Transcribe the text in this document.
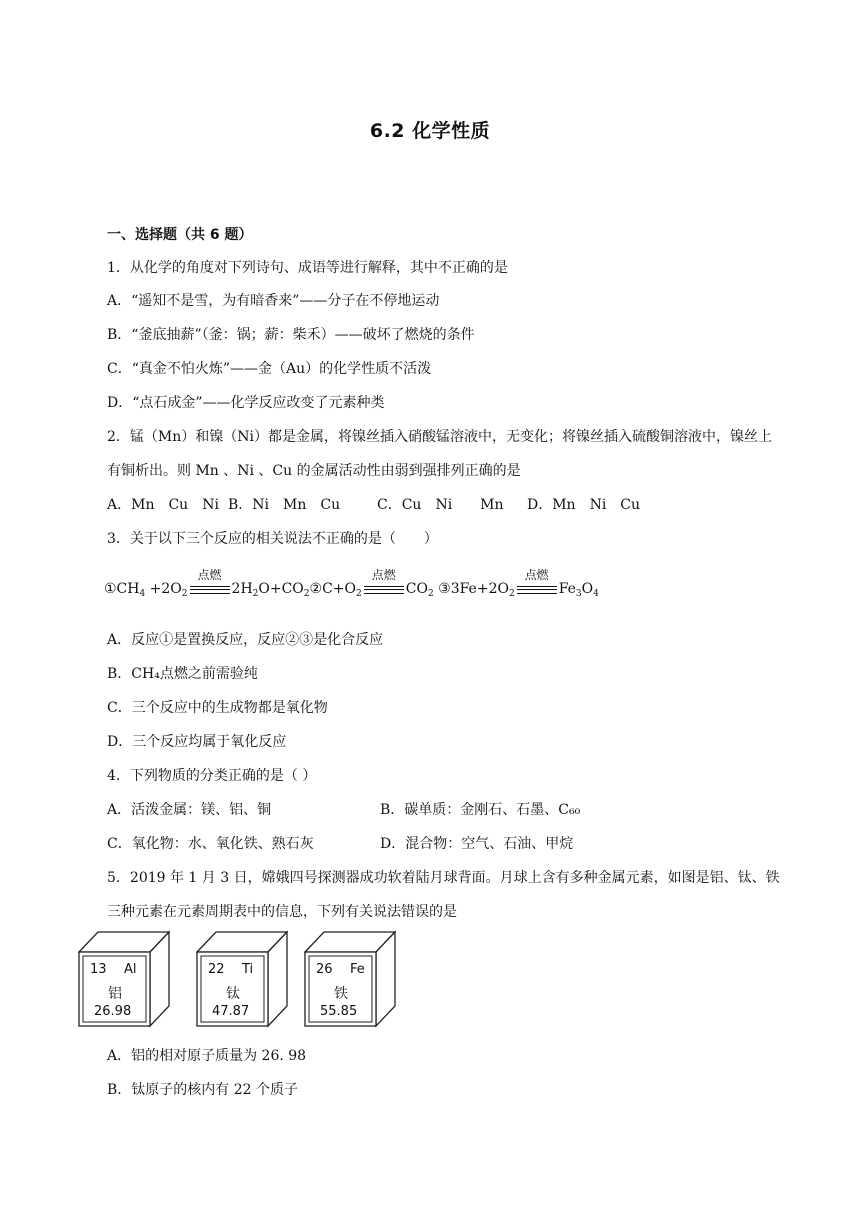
6.2 化学性质
一、选择题（共 6 题）
1．从化学的角度对下列诗句、成语等进行解释，其中不正确的是
A．“遥知不是雪，为有暗香来”——分子在不停地运动
B．“釜底抽薪”（釜：锅；薪：柴禾）——破坏了燃烧的条件
C．“真金不怕火炼”——金（Au）的化学性质不活泼
D．“点石成金”——化学反应改变了元素种类
2．锰（Mn）和镍（Ni）都是金属，将镍丝插入硝酸锰溶液中，无变化；将镍丝插入硫酸铜溶液中，镍丝上
有铜析出。则 Mn 、Ni 、Cu 的金属活动性由弱到强排列正确的是
A．Mn　Cu　Ni B．Ni　Mn　Cu	C．Cu　Ni　　Mn D．Mn　Ni　Cu
3．关于以下三个反应的相关说法不正确的是（　　）
$①CH_4 +2O_2$
点燃
$2H_2O+CO_2②C+O_2$
点燃
$CO_2$ $③3Fe+2O_2$
点燃
$Fe_3O_4$
A．反应①是置换反应，反应②③是化合反应
B．CH₄点燃之前需验纯
C．三个反应中的生成物都是氧化物
D．三个反应均属于氧化反应
4．下列物质的分类正确的是（ ）
A．活泼金属：镁、铝、铜	B．碳单质：金刚石、石墨、C₆₀
C．氧化物：水、氧化铁、熟石灰	D．混合物：空气、石油、甲烷
5．2019 年 1 月 3 日，嫦娥四号探测器成功软着陆月球背面。月球上含有多种金属元素，如图是铝、钛、铁
三种元素在元素周期表中的信息，下列有关说法错误的是
13 Al
铝
26.98
22 Ti
钛
47.87
26 Fe
铁
55.85
A．铝的相对原子质量为 26. 98
B．钛原子的核内有 22 个质子
